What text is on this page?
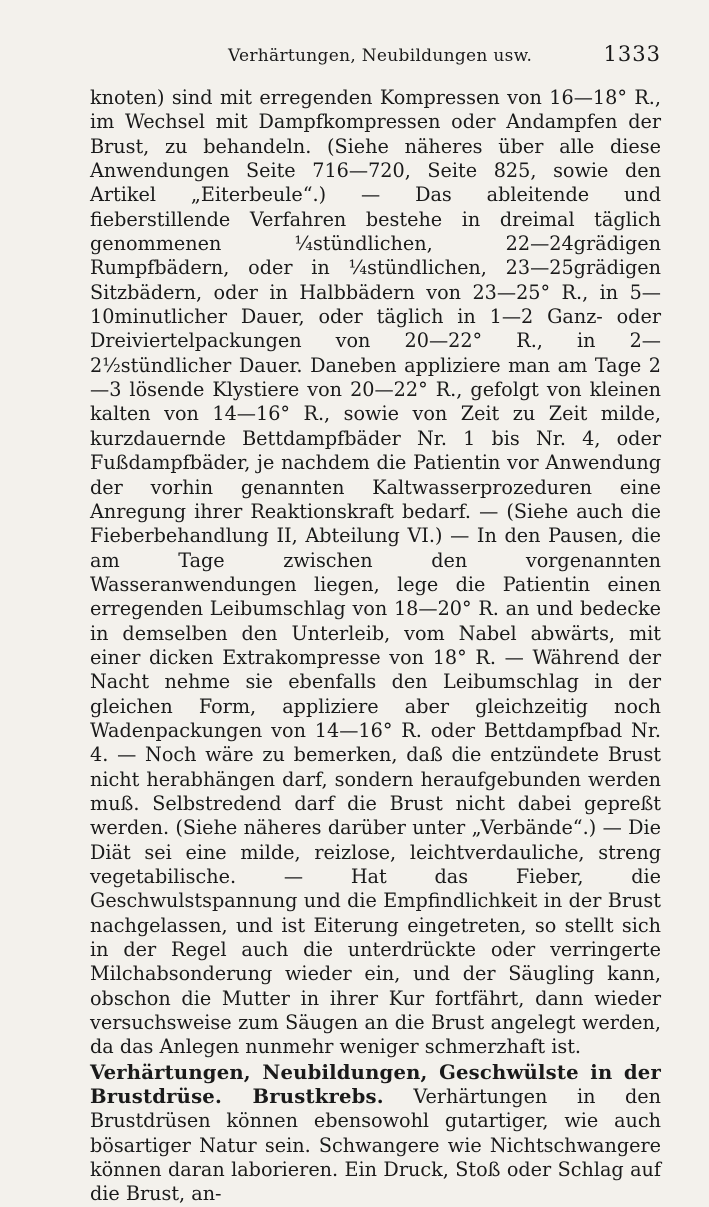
Verhärtungen, Neubildungen usw.	1333

knoten) sind mit erregenden Kompressen von 16—18° R., im Wechsel mit Dampfkompressen oder Andampfen der Brust, zu behandeln. (Siehe näheres über alle diese Anwendungen Seite 716—720, Seite 825, sowie den Artikel „Eiterbeule“.) — Das ableitende und fieberstillende Verfahren bestehe in dreimal täglich genommenen ¼stündlichen, 22—24grädigen Rumpfbädern, oder in ¼stündlichen, 23—25grädigen Sitzbädern, oder in Halbbädern von 23—25° R., in 5—10minutlicher Dauer, oder täglich in 1—2 Ganz- oder Dreiviertelpackungen von 20—22° R., in 2—2½stündlicher Dauer. Daneben appliziere man am Tage 2—3 lösende Klystiere von 20—22° R., gefolgt von kleinen kalten von 14—16° R., sowie von Zeit zu Zeit milde, kurzdauernde Bettdampfbäder Nr. 1 bis Nr. 4, oder Fußdampfbäder, je nachdem die Patientin vor Anwendung der vorhin genannten Kaltwasserprozeduren eine Anregung ihrer Reaktionskraft bedarf. — (Siehe auch die Fieberbehandlung II, Abteilung VI.) — In den Pausen, die am Tage zwischen den vorgenannten Wasseranwendungen liegen, lege die Patientin einen erregenden Leibumschlag von 18—20° R. an und bedecke in demselben den Unterleib, vom Nabel abwärts, mit einer dicken Extrakompresse von 18° R. — Während der Nacht nehme sie ebenfalls den Leibumschlag in der gleichen Form, appliziere aber gleichzeitig noch Wadenpackungen von 14—16° R. oder Bettdampfbad Nr. 4. — Noch wäre zu bemerken, daß die entzündete Brust nicht herabhängen darf, sondern heraufgebunden werden muß. Selbstredend darf die Brust nicht dabei gepreßt werden. (Siehe näheres darüber unter „Verbände“.) — Die Diät sei eine milde, reizlose, leichtverdauliche, streng vegetabilische. — Hat das Fieber, die Geschwulstspannung und die Empfindlichkeit in der Brust nachgelassen, und ist Eiterung eingetreten, so stellt sich in der Regel auch die unterdrückte oder verringerte Milchabsonderung wieder ein, und der Säugling kann, obschon die Mutter in ihrer Kur fortfährt, dann wieder versuchsweise zum Säugen an die Brust angelegt werden, da das Anlegen nunmehr weniger schmerzhaft ist.

Verhärtungen, Neubildungen, Geschwülste in der Brustdrüse. Brustkrebs. Verhärtungen in den Brustdrüsen können ebensowohl gutartiger, wie auch bösartiger Natur sein. Schwangere wie Nichtschwangere können daran laborieren. Ein Druck, Stoß oder Schlag auf die Brust, an-
